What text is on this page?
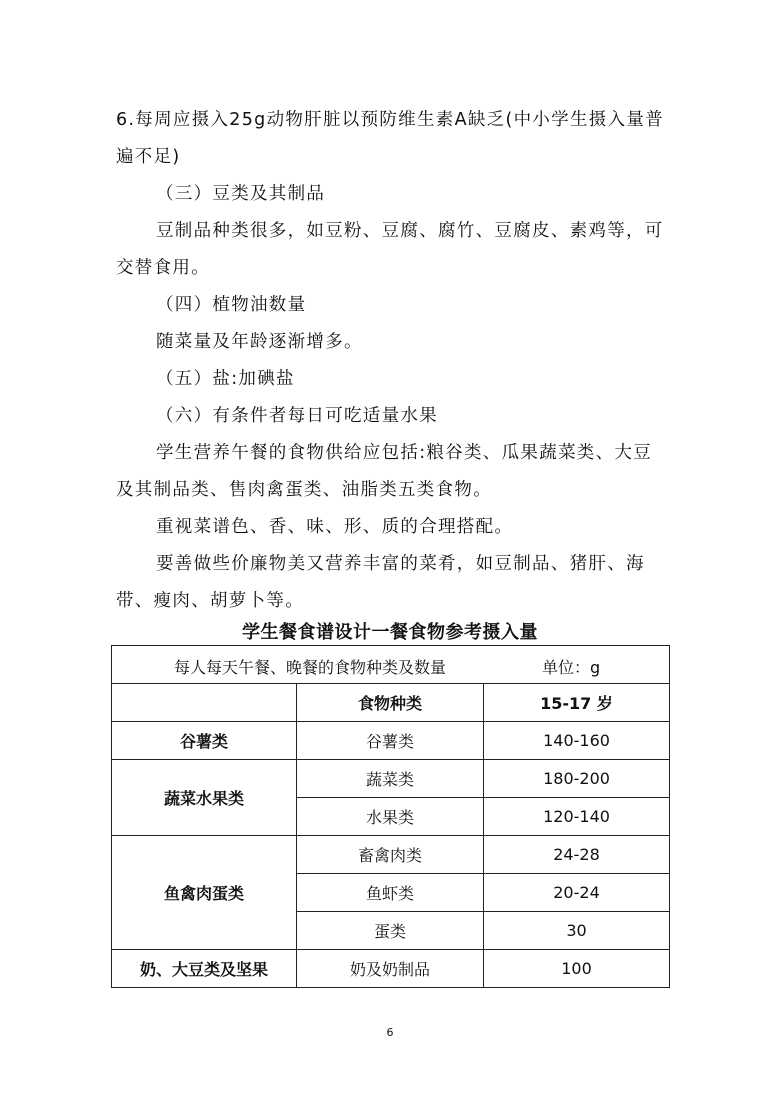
6.每周应摄入25g动物肝脏以预防维生素A缺乏(中小学生摄入量普遍不足)
（三）豆类及其制品
豆制品种类很多，如豆粉、豆腐、腐竹、豆腐皮、素鸡等，可交替食用。
（四）植物油数量
随菜量及年龄逐渐增多。
（五）盐:加碘盐
（六）有条件者每日可吃适量水果
学生营养午餐的食物供给应包括:粮谷类、瓜果蔬菜类、大豆及其制品类、售肉禽蛋类、油脂类五类食物。
重视菜谱色、香、味、形、质的合理搭配。
要善做些价廉物美又营养丰富的菜肴，如豆制品、猪肝、海带、瘦肉、胡萝卜等。
学生餐食谱设计一餐食物参考摄入量
每人每天午餐、晚餐的食物种类及数量 单位：g		

	食物种类	15-17 岁
谷薯类	谷薯类	140-160
蔬菜水果类	蔬菜类	180-200
	水果类	120-140
鱼禽肉蛋类	畜禽肉类	24-28
	鱼虾类	20-24
	蛋类	30
奶、大豆类及坚果	奶及奶制品	100
6
